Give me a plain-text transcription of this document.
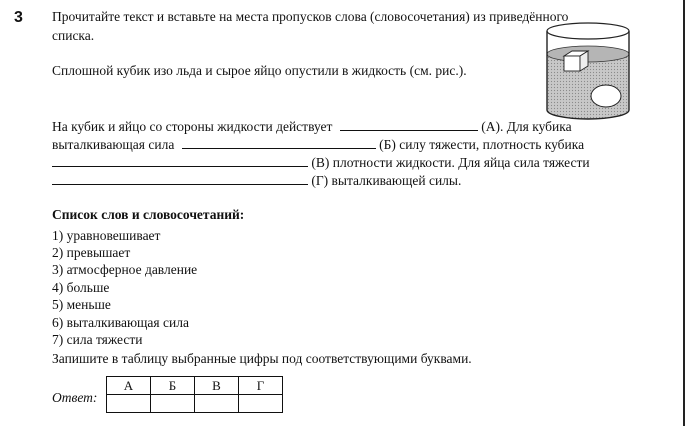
3 Прочитайте текст и вставьте на места пропусков слова (словосочетания) из приведённого
списка.
Сплошной кубик изо льда и сырое яйцо опустили в жидкость (см. рис.).
На кубик и яйцо со стороны жидкости действует	(А). Для кубика
выталкивающая сила	(Б) силу тяжести, плотность кубика
(В) плотности жидкости. Для яйца сила тяжести
(Г) выталкивающей силы.
Список слов и словосочетаний:
1) уравновешивает
2) превышает
3) атмосферное давление
4) больше
5) меньше
6) выталкивающая сила
7) сила тяжести
Запишите в таблицу выбранные цифры под соответствующими буквами.
Ответ:
А	Б	В	Г
